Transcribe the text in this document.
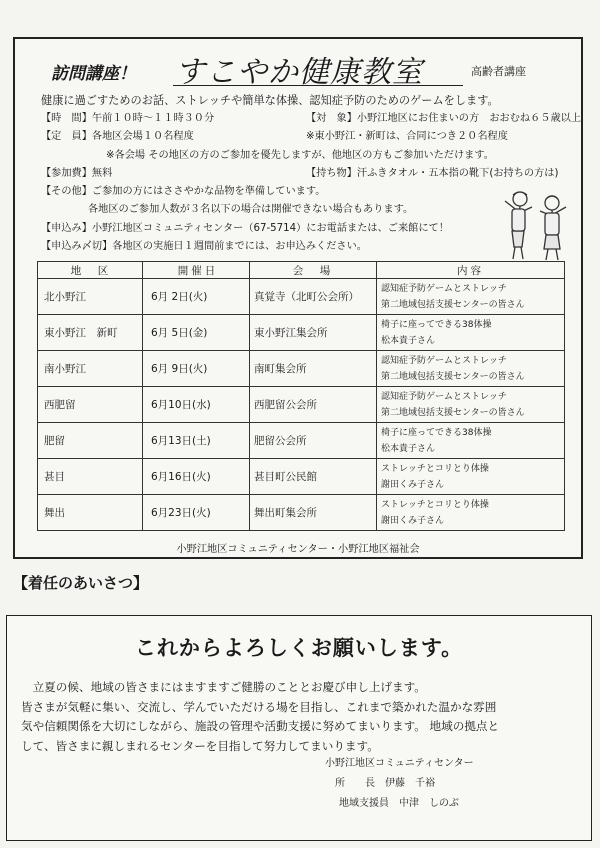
訪問講座！ すこやか健康教室	高齢者講座
健康に過ごすためのお話、ストレッチや簡単な体操、認知症予防のためのゲームをします。
【時　間】午前１０時～１１時３０分	【対　象】小野江地区にお住まいの方　おおむね６５歳以上
【定　員】各地区会場１０名程度	※東小野江・新町は、合同につき２０名程度
※各会場 その地区の方のご参加を優先しますが、他地区の方もご参加いただけます。
【参加費】無料	【持ち物】汗ふきタオル・五本指の靴下(お持ちの方は)
【その他】ご参加の方にはささやかな品物を準備しています。
各地区のご参加人数が３名以下の場合は開催できない場合もあります。
【申込み】小野江地区コミュニティセンター（67-5714）にお電話または、ご来館にて！
【申込み〆切】各地区の実施日１週間前までには、お申込みください。
地　区	開催日	会　場	内容
北小野江	6月 2日(火)	真覚寺（北町公会所）	認知症予防ゲームとストレッチ
第二地域包括支援センターの皆さん

東小野江　新町	6月 5日(金)	東小野江集会所	椅子に座ってできる38体操
松本貴子さん

南小野江	6月 9日(火)	南町集会所	認知症予防ゲームとストレッチ
第二地域包括支援センターの皆さん

西肥留	6月10日(水)	西肥留公会所	認知症予防ゲームとストレッチ
第二地域包括支援センターの皆さん

肥留	6月13日(土)	肥留公会所	椅子に座ってできる38体操
松本貴子さん

甚目	6月16日(火)	甚目町公民館	ストレッチとコリとり体操
謝田くみ子さん

舞出	6月23日(火)	舞出町集会所	ストレッチとコリとり体操
謝田くみ子さん
小野江地区コミュニティセンター・小野江地区福祉会
【着任のあいさつ】
これからよろしくお願いします。
　立夏の候、地域の皆さまにはますますご健勝のこととお慶び申し上げます。
皆さまが気軽に集い、交流し、学んでいただける場を目指し、これまで築かれた温かな雰囲
気や信頼関係を大切にしながら、施設の管理や活動支援に努めてまいります。 地域の拠点と
して、皆さまに親しまれるセンターを目指して努力してまいります。
小野江地区コミュニティセンター
所　　長　伊藤　千裕
地域支援員　中津　しのぶ
